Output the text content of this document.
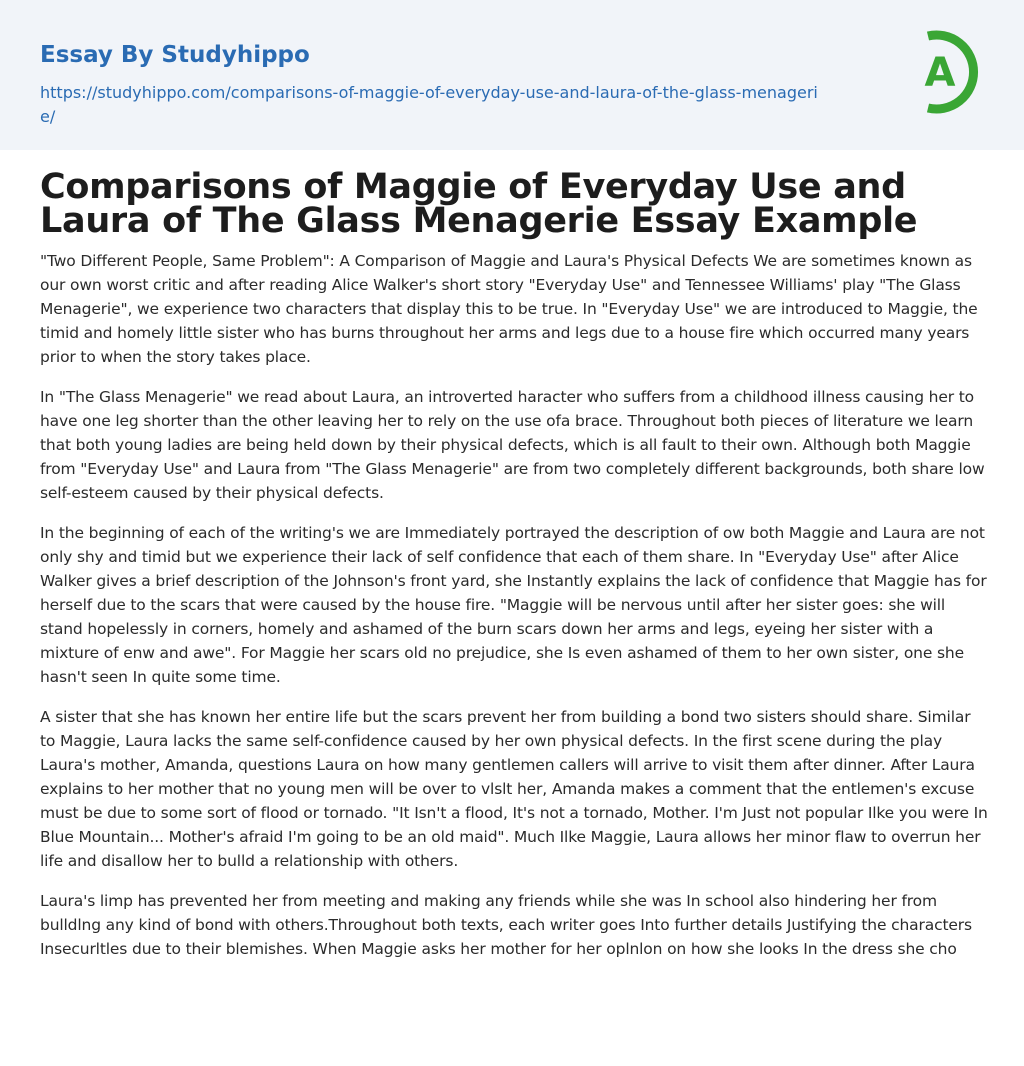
Essay By Studyhippo
https://studyhippo.com/comparisons-of-maggie-of-everyday-use-and-laura-of-the-glass-menagerie/
A
Comparisons of Maggie of Everyday Use and Laura of The Glass Menagerie Essay Example

"Two Different People, Same Problem": A Comparison of Maggie and Laura's Physical Defects We are sometimes known as our own worst critic and after reading Alice Walker's short story "Everyday Use" and Tennessee Williams' play "The Glass Menagerie", we experience two characters that display this to be true. In "Everyday Use" we are introduced to Maggie, the timid and homely little sister who has burns throughout her arms and legs due to a house fire which occurred many years prior to when the story takes place.

In "The Glass Menagerie" we read about Laura, an introverted haracter who suffers from a childhood illness causing her to have one leg shorter than the other leaving her to rely on the use ofa brace. Throughout both pieces of literature we learn that both young ladies are being held down by their physical defects, which is all fault to their own. Although both Maggie from "Everyday Use" and Laura from "The Glass Menagerie" are from two completely different backgrounds, both share low self-esteem caused by their physical defects.

In the beginning of each of the writing's we are Immediately portrayed the description of ow both Maggie and Laura are not only shy and timid but we experience their lack of self confidence that each of them share. In "Everyday Use" after Alice Walker gives a brief description of the Johnson's front yard, she Instantly explains the lack of confidence that Maggie has for herself due to the scars that were caused by the house fire. "Maggie will be nervous until after her sister goes: she will stand hopelessly in corners, homely and ashamed of the burn scars down her arms and legs, eyeing her sister with a mixture of enw and awe". For Maggie her scars old no prejudice, she Is even ashamed of them to her own sister, one she hasn't seen In quite some time.

A sister that she has known her entire life but the scars prevent her from building a bond two sisters should share. Similar to Maggie, Laura lacks the same self-confidence caused by her own physical defects. In the first scene during the play Laura's mother, Amanda, questions Laura on how many gentlemen callers will arrive to visit them after dinner. After Laura explains to her mother that no young men will be over to vlslt her, Amanda makes a comment that the entlemen's excuse must be due to some sort of flood or tornado. "It Isn't a flood, It's not a tornado, Mother. I'm Just not popular Ilke you were In Blue Mountain... Mother's afraid I'm going to be an old maid". Much Ilke Maggie, Laura allows her minor flaw to overrun her life and disallow her to bulld a relationship with others.

Laura's limp has prevented her from meeting and making any friends while she was In school also hindering her from bulldlng any kind of bond with others.Throughout both texts, each writer goes Into further details Justifying the characters Insecurltles due to their blemishes. When Maggie asks her mother for her oplnlon on how she looks In the dress she cho
